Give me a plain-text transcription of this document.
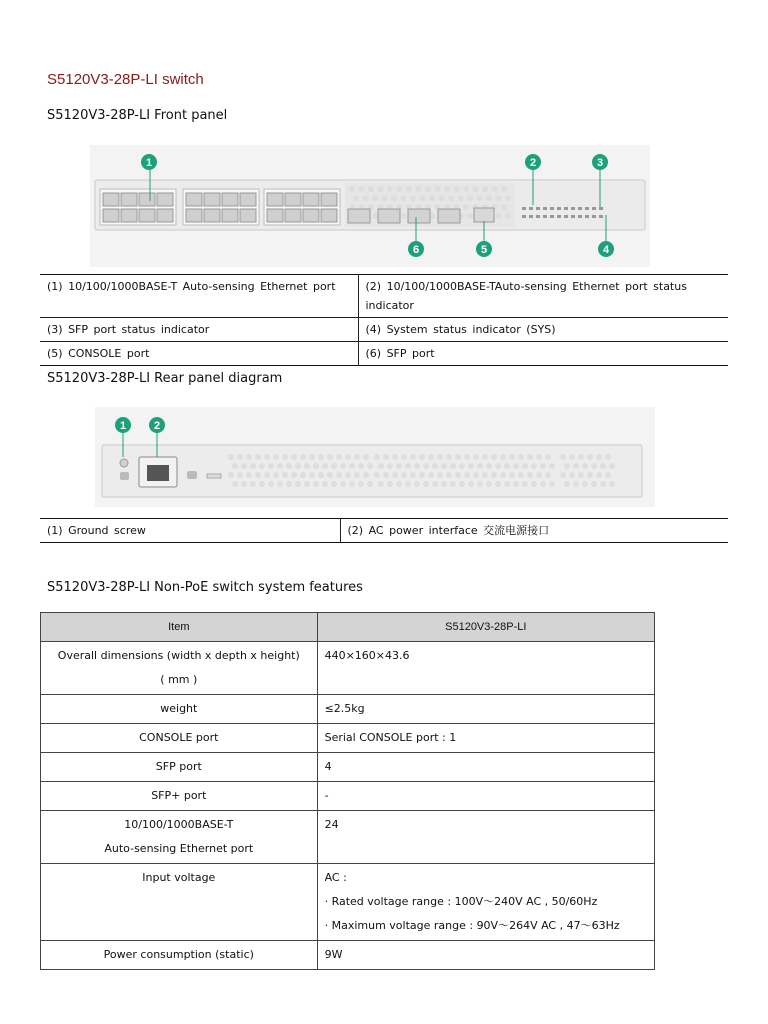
S5120V3-28P-LI switch
S5120V3-28P-LI Front panel
1	2	3
4
5
6
(1) 10/100/1000BASE-T Auto-sensing Ethernet port	(2) 10/100/1000BASE-TAuto-sensing Ethernet port status indicator
(3) SFP port status indicator	(4) System status indicator (SYS)
(5) CONSOLE port	(6) SFP port
S5120V3-28P-LI Rear panel diagram
1	2
(1) Ground screw	(2) AC power interface 交流电源接口
S5120V3-28P-LI Non-PoE switch system features
Item	S5120V3-28P-LI

Overall dimensions (width x depth x height)
( mm )	440×160×43.6

weight	≤2.5kg

CONSOLE port	Serial CONSOLE port : 1

SFP port	4

SFP+ port	-

10/100/1000BASE-T
Auto-sensing Ethernet port	24

Input voltage	AC :
· Rated voltage range : 100V～240V AC , 50/60Hz
· Maximum voltage range : 90V～264V AC , 47～63Hz

Power consumption (static)	9W
